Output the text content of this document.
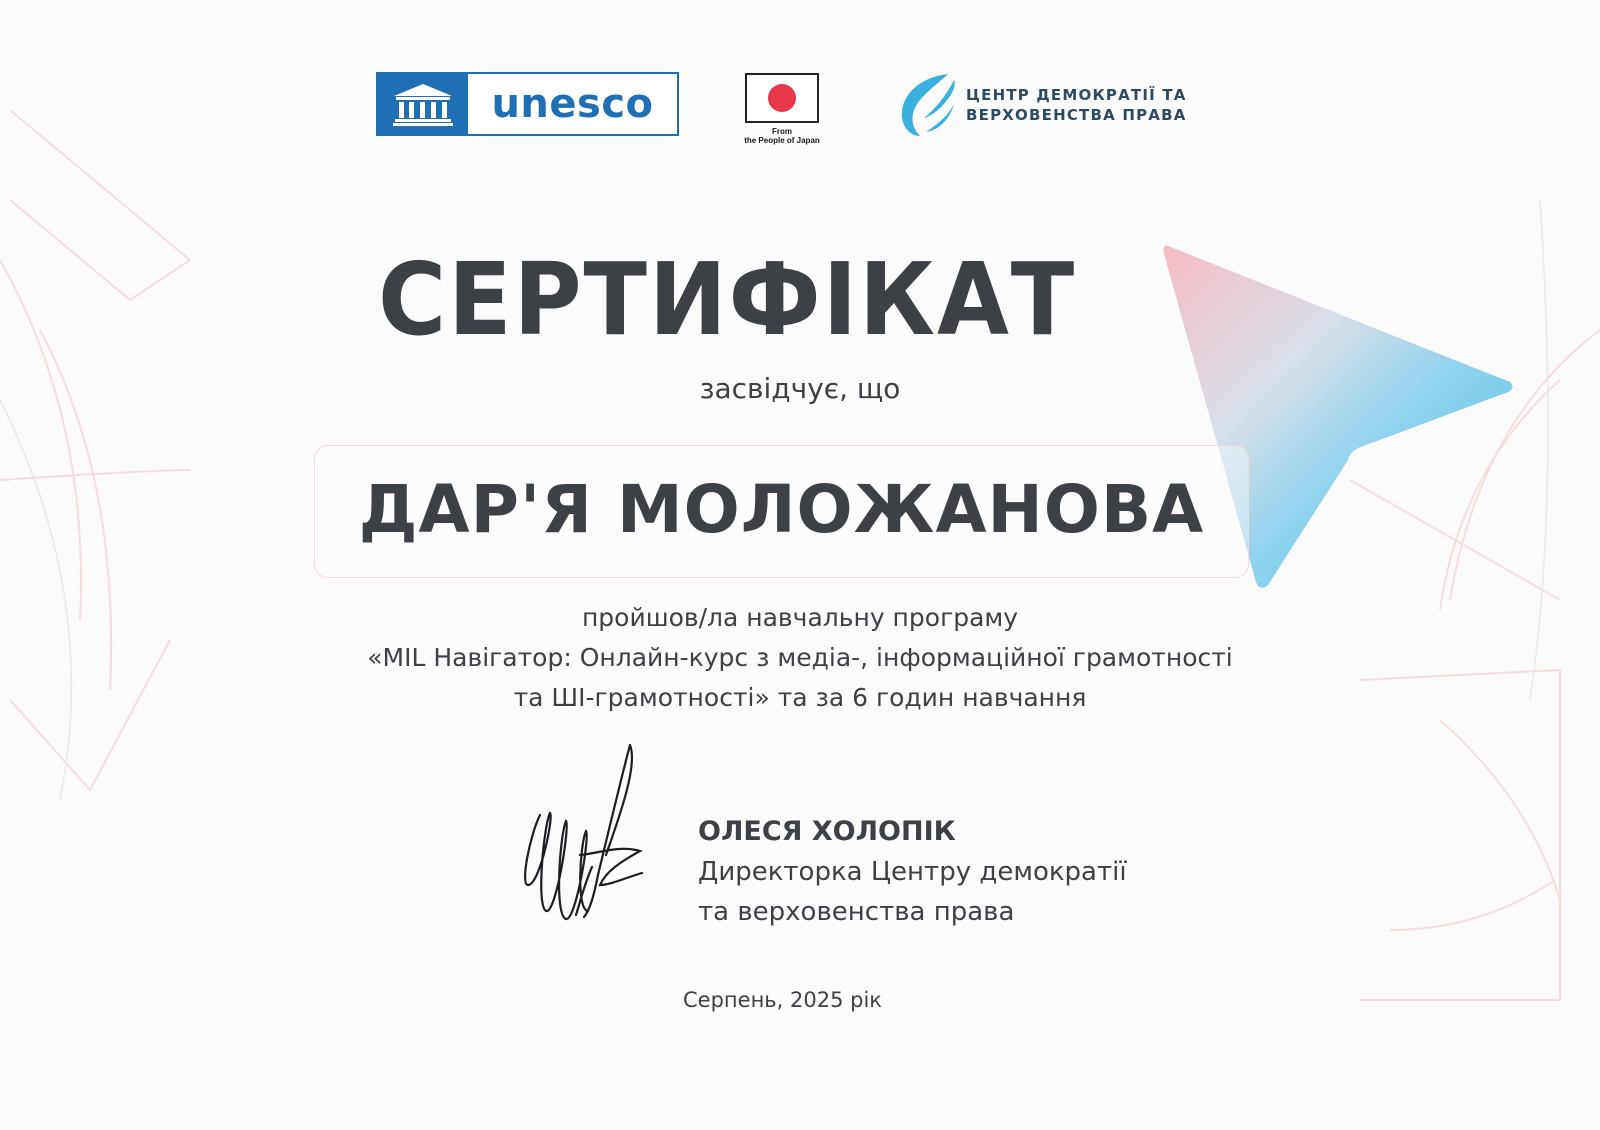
unesco
From
the People of Japan
ЦЕНТР ДЕМОКРАТІЇ ТА
ВЕРХОВЕНСТВА ПРАВА
СЕРТИФІКАТ
засвідчує, що
ДАР'Я МОЛОЖАНОВА
пройшов/ла навчальну програму
«MIL Навігатор: Онлайн-курс з медіа-, інформаційної грамотності
та ШІ-грамотності» та за 6 годин навчання
ОЛЕСЯ ХОЛОПІК
Директорка Центру демократії
та верховенства права
Серпень, 2025 рік
